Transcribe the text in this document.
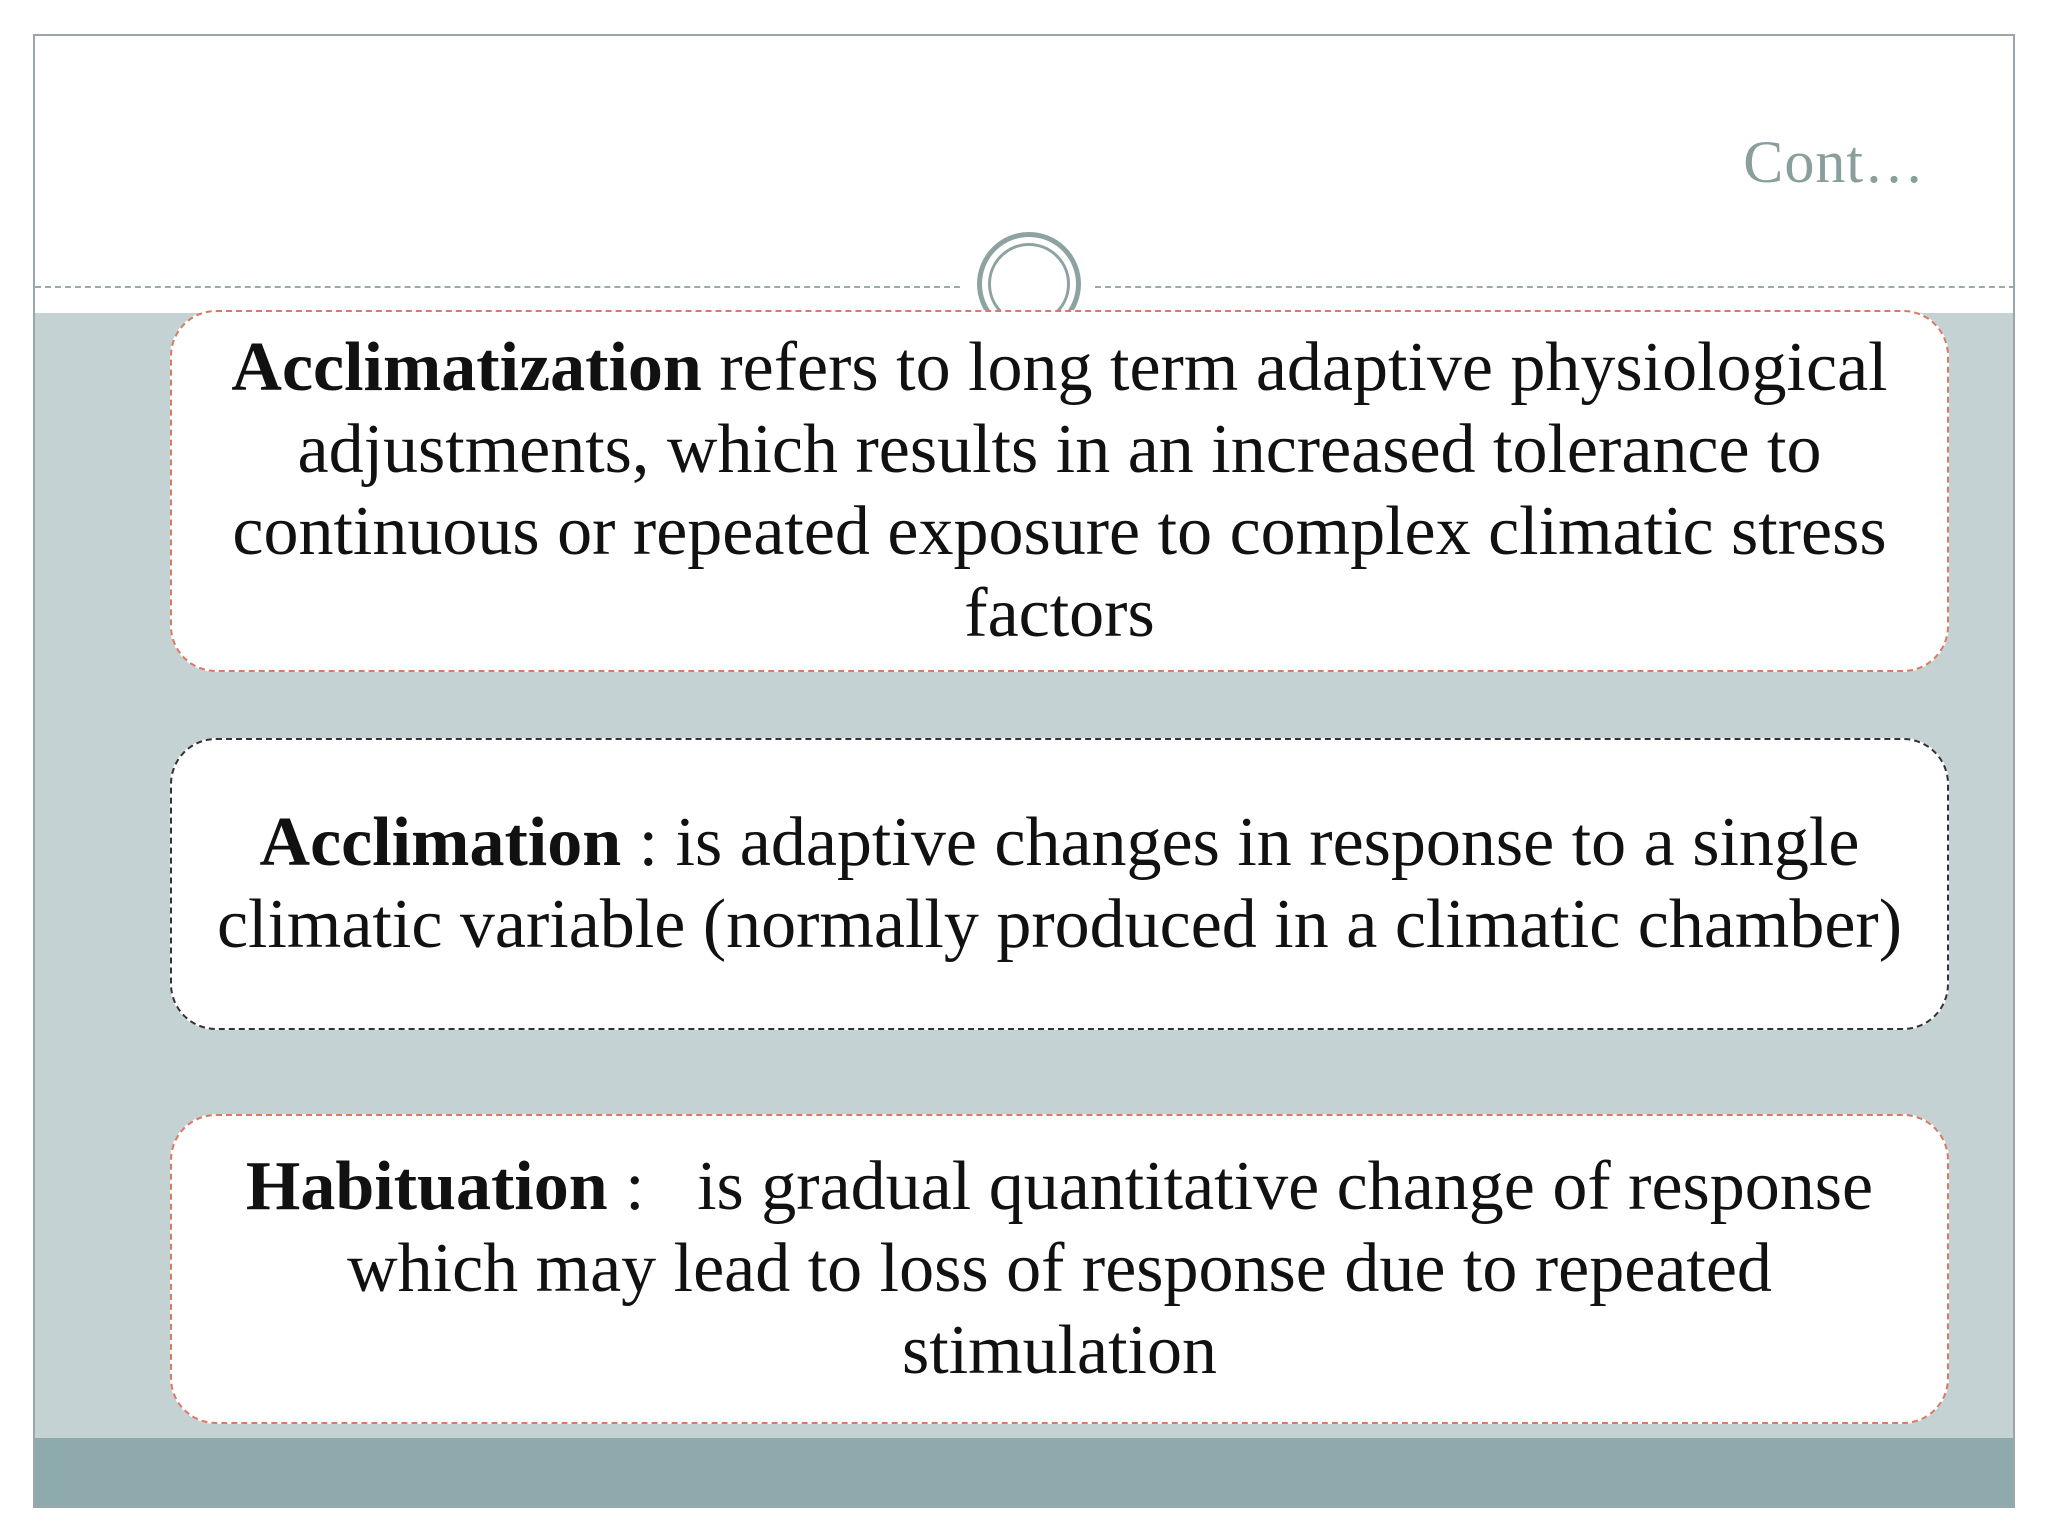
Cont…

Acclimatization refers to long term adaptive physiological adjustments, which results in an increased tolerance to continuous or repeated exposure to complex climatic stress factors

Acclimation : is adaptive changes in response to a single climatic variable (normally produced in a climatic chamber)

Habituation :   is gradual quantitative change of response which may lead to loss of response due to repeated stimulation
